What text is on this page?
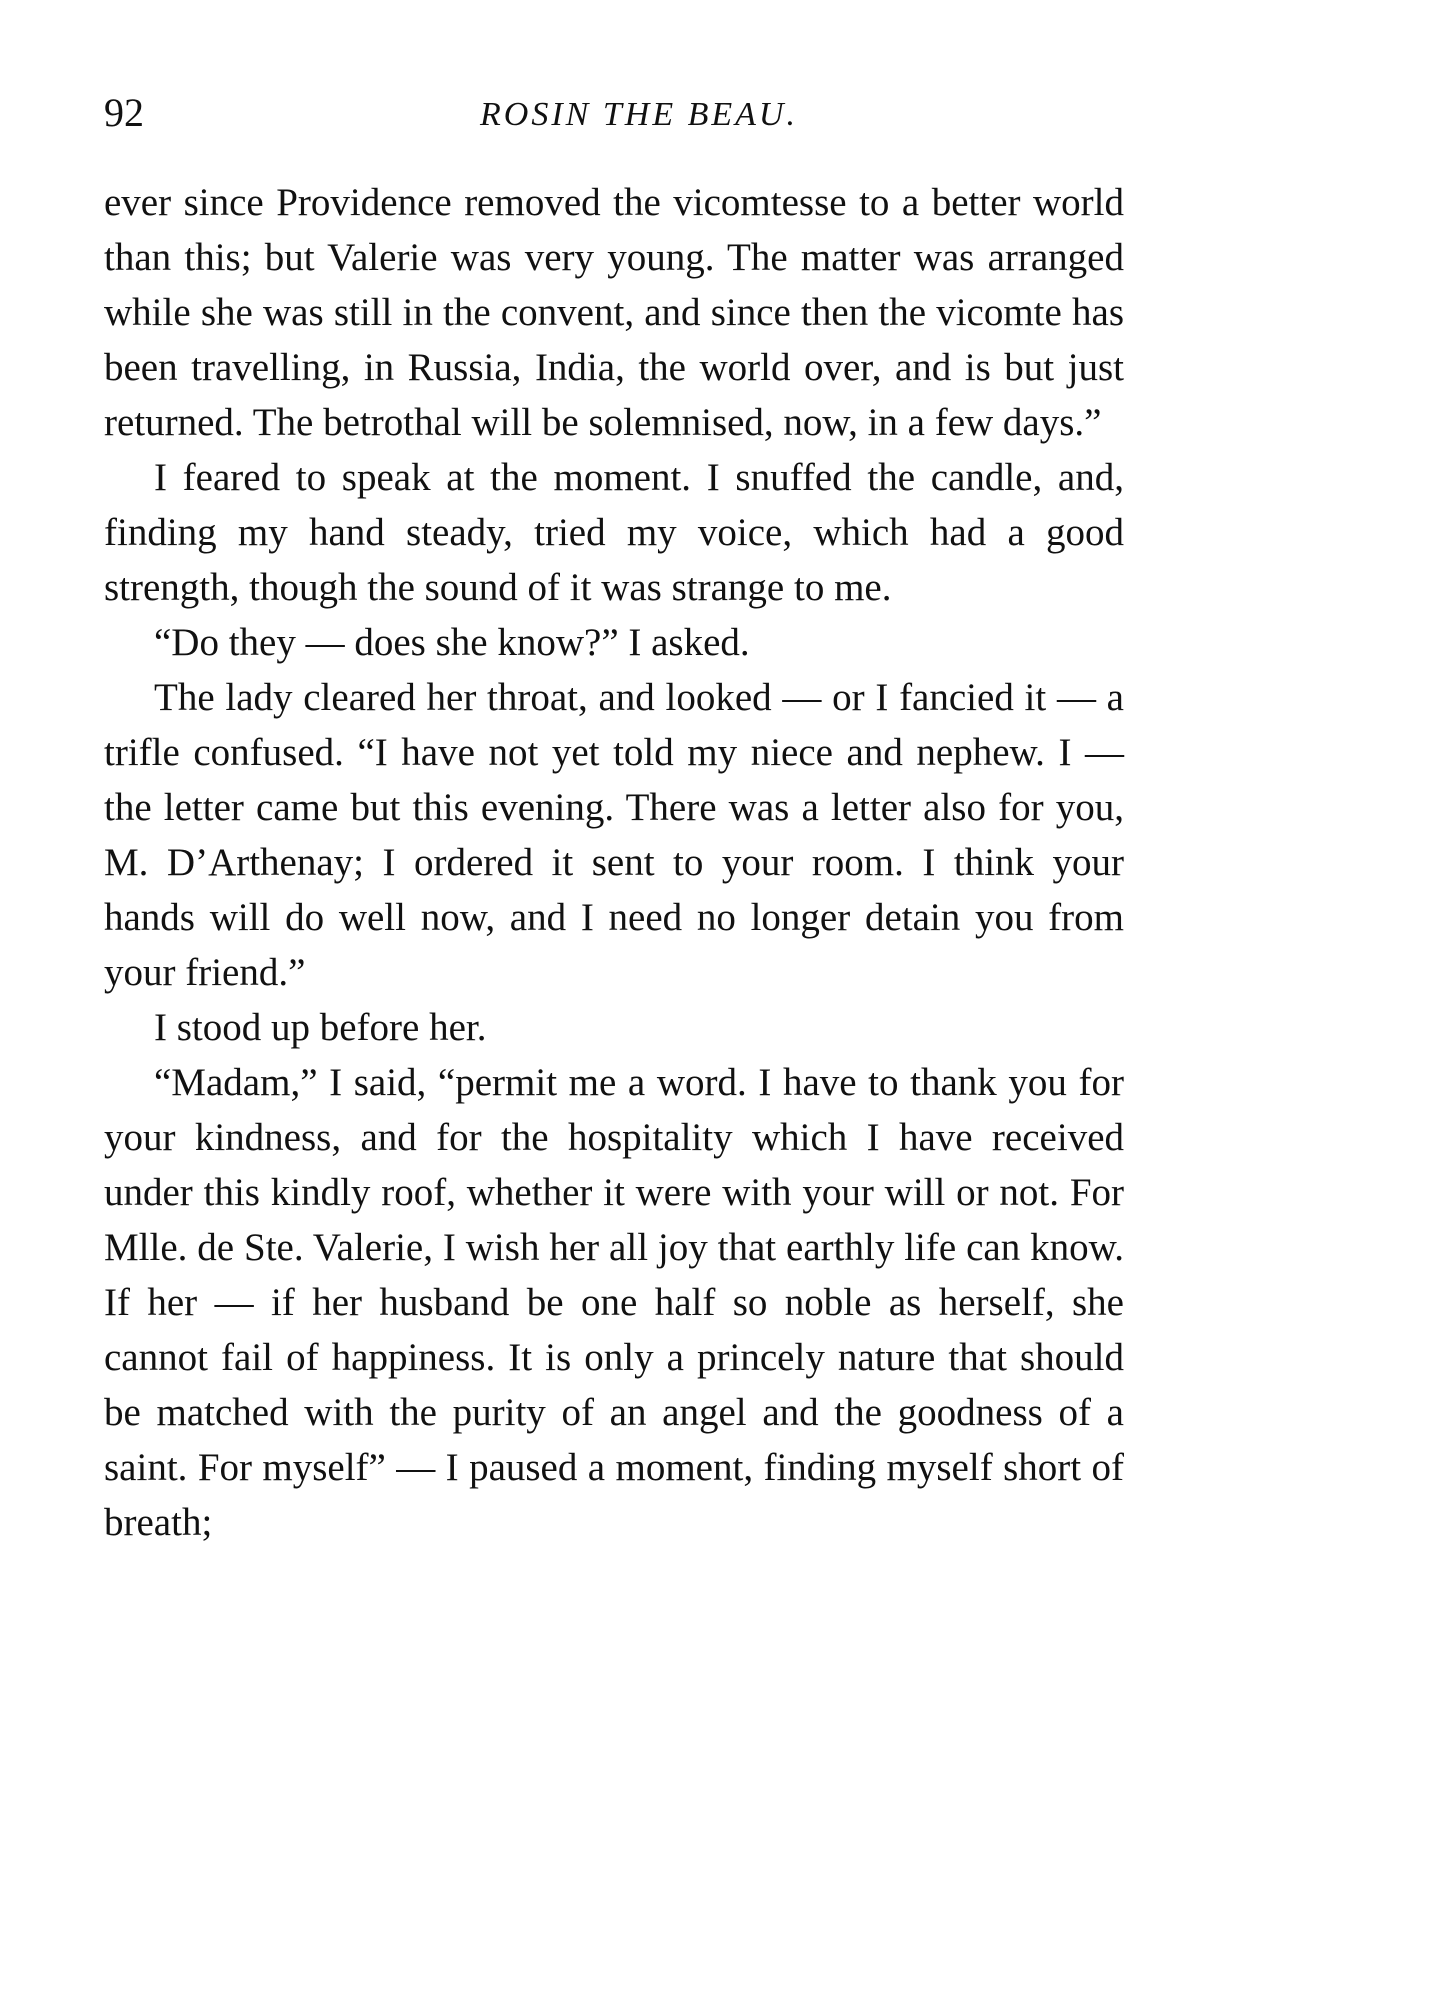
92	ROSIN THE BEAU.

ever since Providence removed the vicomtesse to a better world than this; but Valerie was very young. The matter was arranged while she was still in the convent, and since then the vicomte has been travelling, in Russia, India, the world over, and is but just returned. The betrothal will be solemnised, now, in a few days.”

I feared to speak at the moment. I snuffed the candle, and, finding my hand steady, tried my voice, which had a good strength, though the sound of it was strange to me.

“Do they — does she know?” I asked.

The lady cleared her throat, and looked — or I fancied it — a trifle confused. “I have not yet told my niece and nephew. I — the letter came but this evening. There was a letter also for you, M. D’Arthenay; I ordered it sent to your room. I think your hands will do well now, and I need no longer detain you from your friend.”

I stood up before her.

“Madam,” I said, “permit me a word. I have to thank you for your kindness, and for the hospitality which I have received under this kindly roof, whether it were with your will or not. For Mlle. de Ste. Valerie, I wish her all joy that earthly life can know. If her — if her husband be one half so noble as herself, she cannot fail of happiness. It is only a princely nature that should be matched with the purity of an angel and the goodness of a saint. For myself” — I paused a moment, finding myself short of breath;
